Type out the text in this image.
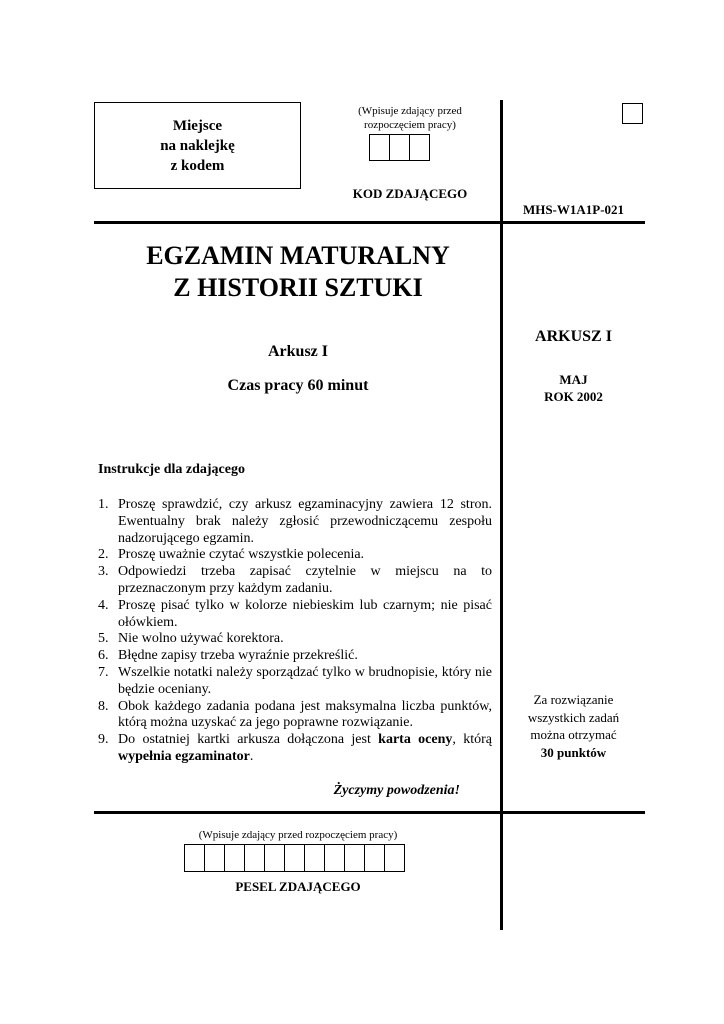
Miejsce
na naklejkę
z kodem
(Wpisuje zdający przed
rozpoczęciem pracy)
KOD ZDAJĄCEGO
MHS-W1A1P-021
EGZAMIN MATURALNY
Z HISTORII SZTUKI
Arkusz I
Czas pracy 60 minut
ARKUSZ I
MAJ
ROK 2002
Za rozwiązanie
wszystkich zadań
można otrzymać
30 punktów
Instrukcje dla zdającego
1. Proszę sprawdzić, czy arkusz egzaminacyjny zawiera 12 stron. Ewentualny brak należy zgłosić przewodniczącemu zespołu nadzorującego egzamin.
2. Proszę uważnie czytać wszystkie polecenia.
3. Odpowiedzi trzeba zapisać czytelnie w miejscu na to przeznaczonym przy każdym zadaniu.
4. Proszę pisać tylko w kolorze niebieskim lub czarnym; nie pisać ołówkiem.
5. Nie wolno używać korektora.
6. Błędne zapisy trzeba wyraźnie przekreślić.
7. Wszelkie notatki należy sporządzać tylko w brudnopisie, który nie będzie oceniany.
8. Obok każdego zadania podana jest maksymalna liczba punktów, którą można uzyskać za jego poprawne rozwiązanie.
9. Do ostatniej kartki arkusza dołączona jest karta oceny, którą wypełnia egzaminator.
Życzymy powodzenia!
(Wpisuje zdający przed rozpoczęciem pracy)
PESEL ZDAJĄCEGO
